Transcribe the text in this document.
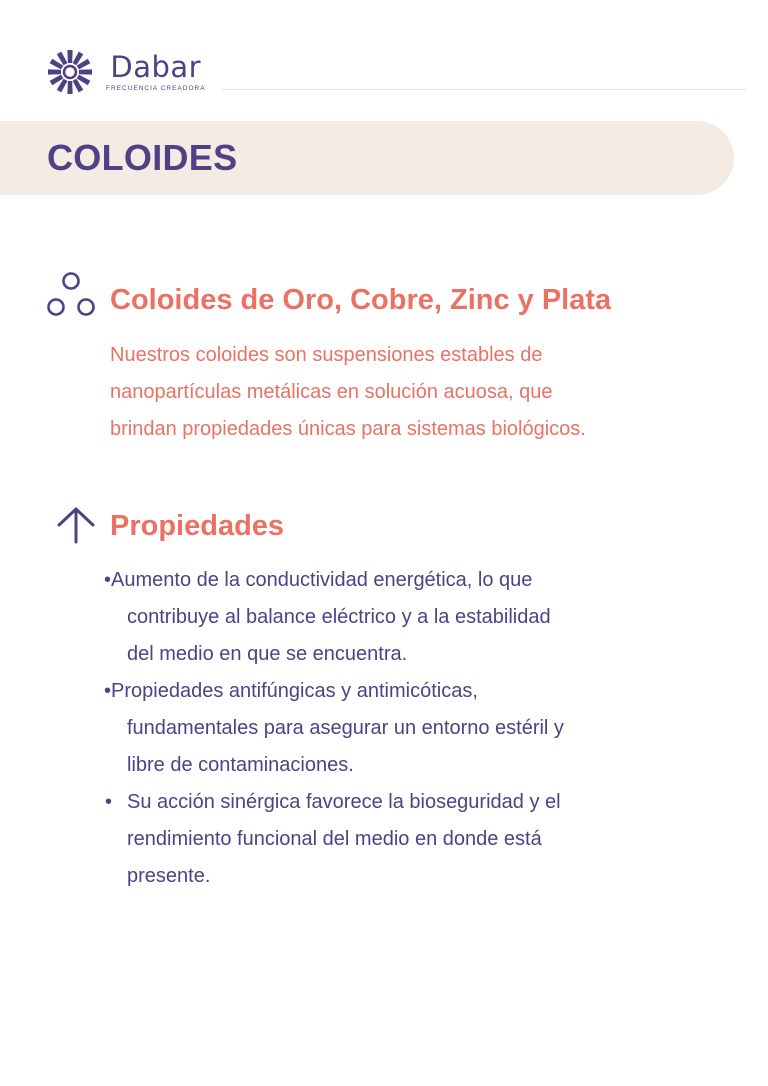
Dabar
FRECUENCIA CREADORA
COLOIDES
Coloides de Oro, Cobre, Zinc y Plata
Nuestros coloides son suspensiones estables de
nanopartículas metálicas en solución acuosa, que
brindan propiedades únicas para sistemas biológicos.
Propiedades
•Aumento de la conductividad energética, lo que
contribuye al balance eléctrico y a la estabilidad
del medio en que se encuentra.
•Propiedades antifúngicas y antimicóticas,
fundamentales para asegurar un entorno estéril y
libre de contaminaciones.
• Su acción sinérgica favorece la bioseguridad y el
rendimiento funcional del medio en donde está
presente.
